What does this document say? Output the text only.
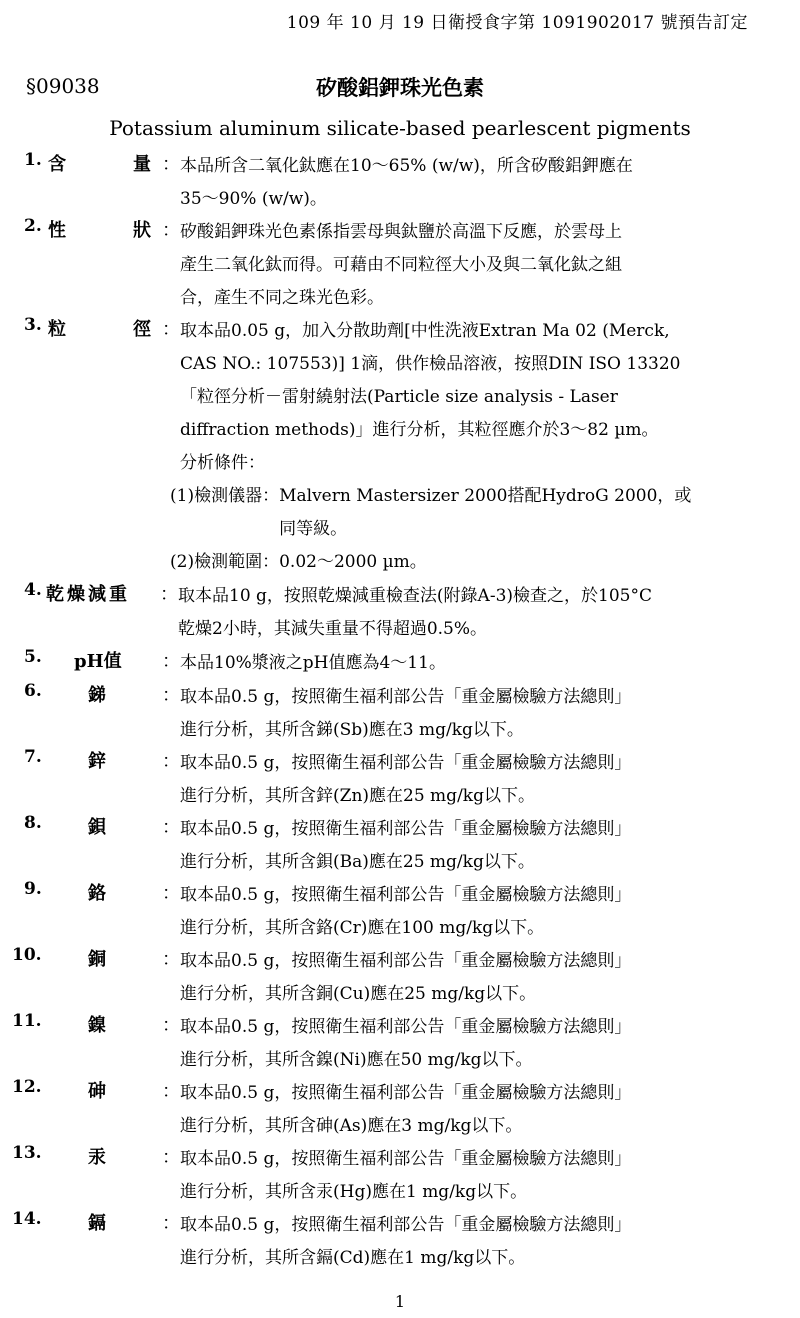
109 年 10 月 19 日衛授食字第 1091902017 號預告訂定
§09038	矽酸鋁鉀珠光色素
Potassium aluminum silicate-based pearlescent pigments
1. 含	量 ： 本品所含二氧化鈦應在10～65% (w/w)，所含矽酸鋁鉀應在
35～90% (w/w)。
2. 性	狀 ： 矽酸鋁鉀珠光色素係指雲母與鈦鹽於高溫下反應，於雲母上
產生二氧化鈦而得。可藉由不同粒徑大小及與二氧化鈦之組
合，產生不同之珠光色彩。
3. 粒	徑 ： 取本品0.05 g，加入分散助劑[中性洗液Extran Ma 02 (Merck,
CAS NO.: 107553)] 1滴，供作檢品溶液，按照DIN ISO 13320
「粒徑分析－雷射繞射法(Particle size analysis - Laser
diffraction methods)」進行分析，其粒徑應介於3～82 µm。
分析條件：
(1)檢測儀器： Malvern Mastersizer 2000搭配HydroG 2000，或
同等級。
(2)檢測範圍： 0.02～2000 µm。
4. 乾燥減重 ： 取本品10 g，按照乾燥減重檢查法(附錄A-3)檢查之，於105°C
乾燥2小時，其減失重量不得超過0.5%。
5. pH值 ： 本品10%漿液之pH值應為4～11。
6.	銻	： 取本品0.5 g，按照衛生福利部公告「重金屬檢驗方法總則」
進行分析，其所含銻(Sb)應在3 mg/kg以下。
7.	鋅	： 取本品0.5 g，按照衛生福利部公告「重金屬檢驗方法總則」
進行分析，其所含鋅(Zn)應在25 mg/kg以下。
8.	鋇	： 取本品0.5 g，按照衛生福利部公告「重金屬檢驗方法總則」
進行分析，其所含鋇(Ba)應在25 mg/kg以下。
9.	鉻	： 取本品0.5 g，按照衛生福利部公告「重金屬檢驗方法總則」
進行分析，其所含鉻(Cr)應在100 mg/kg以下。
10.	銅	： 取本品0.5 g，按照衛生福利部公告「重金屬檢驗方法總則」
進行分析，其所含銅(Cu)應在25 mg/kg以下。
11.	鎳	： 取本品0.5 g，按照衛生福利部公告「重金屬檢驗方法總則」
進行分析，其所含鎳(Ni)應在50 mg/kg以下。
12.	砷	： 取本品0.5 g，按照衛生福利部公告「重金屬檢驗方法總則」
進行分析，其所含砷(As)應在3 mg/kg以下。
13.	汞	： 取本品0.5 g，按照衛生福利部公告「重金屬檢驗方法總則」
進行分析，其所含汞(Hg)應在1 mg/kg以下。
14.	鎘	： 取本品0.5 g，按照衛生福利部公告「重金屬檢驗方法總則」
進行分析，其所含鎘(Cd)應在1 mg/kg以下。
1
